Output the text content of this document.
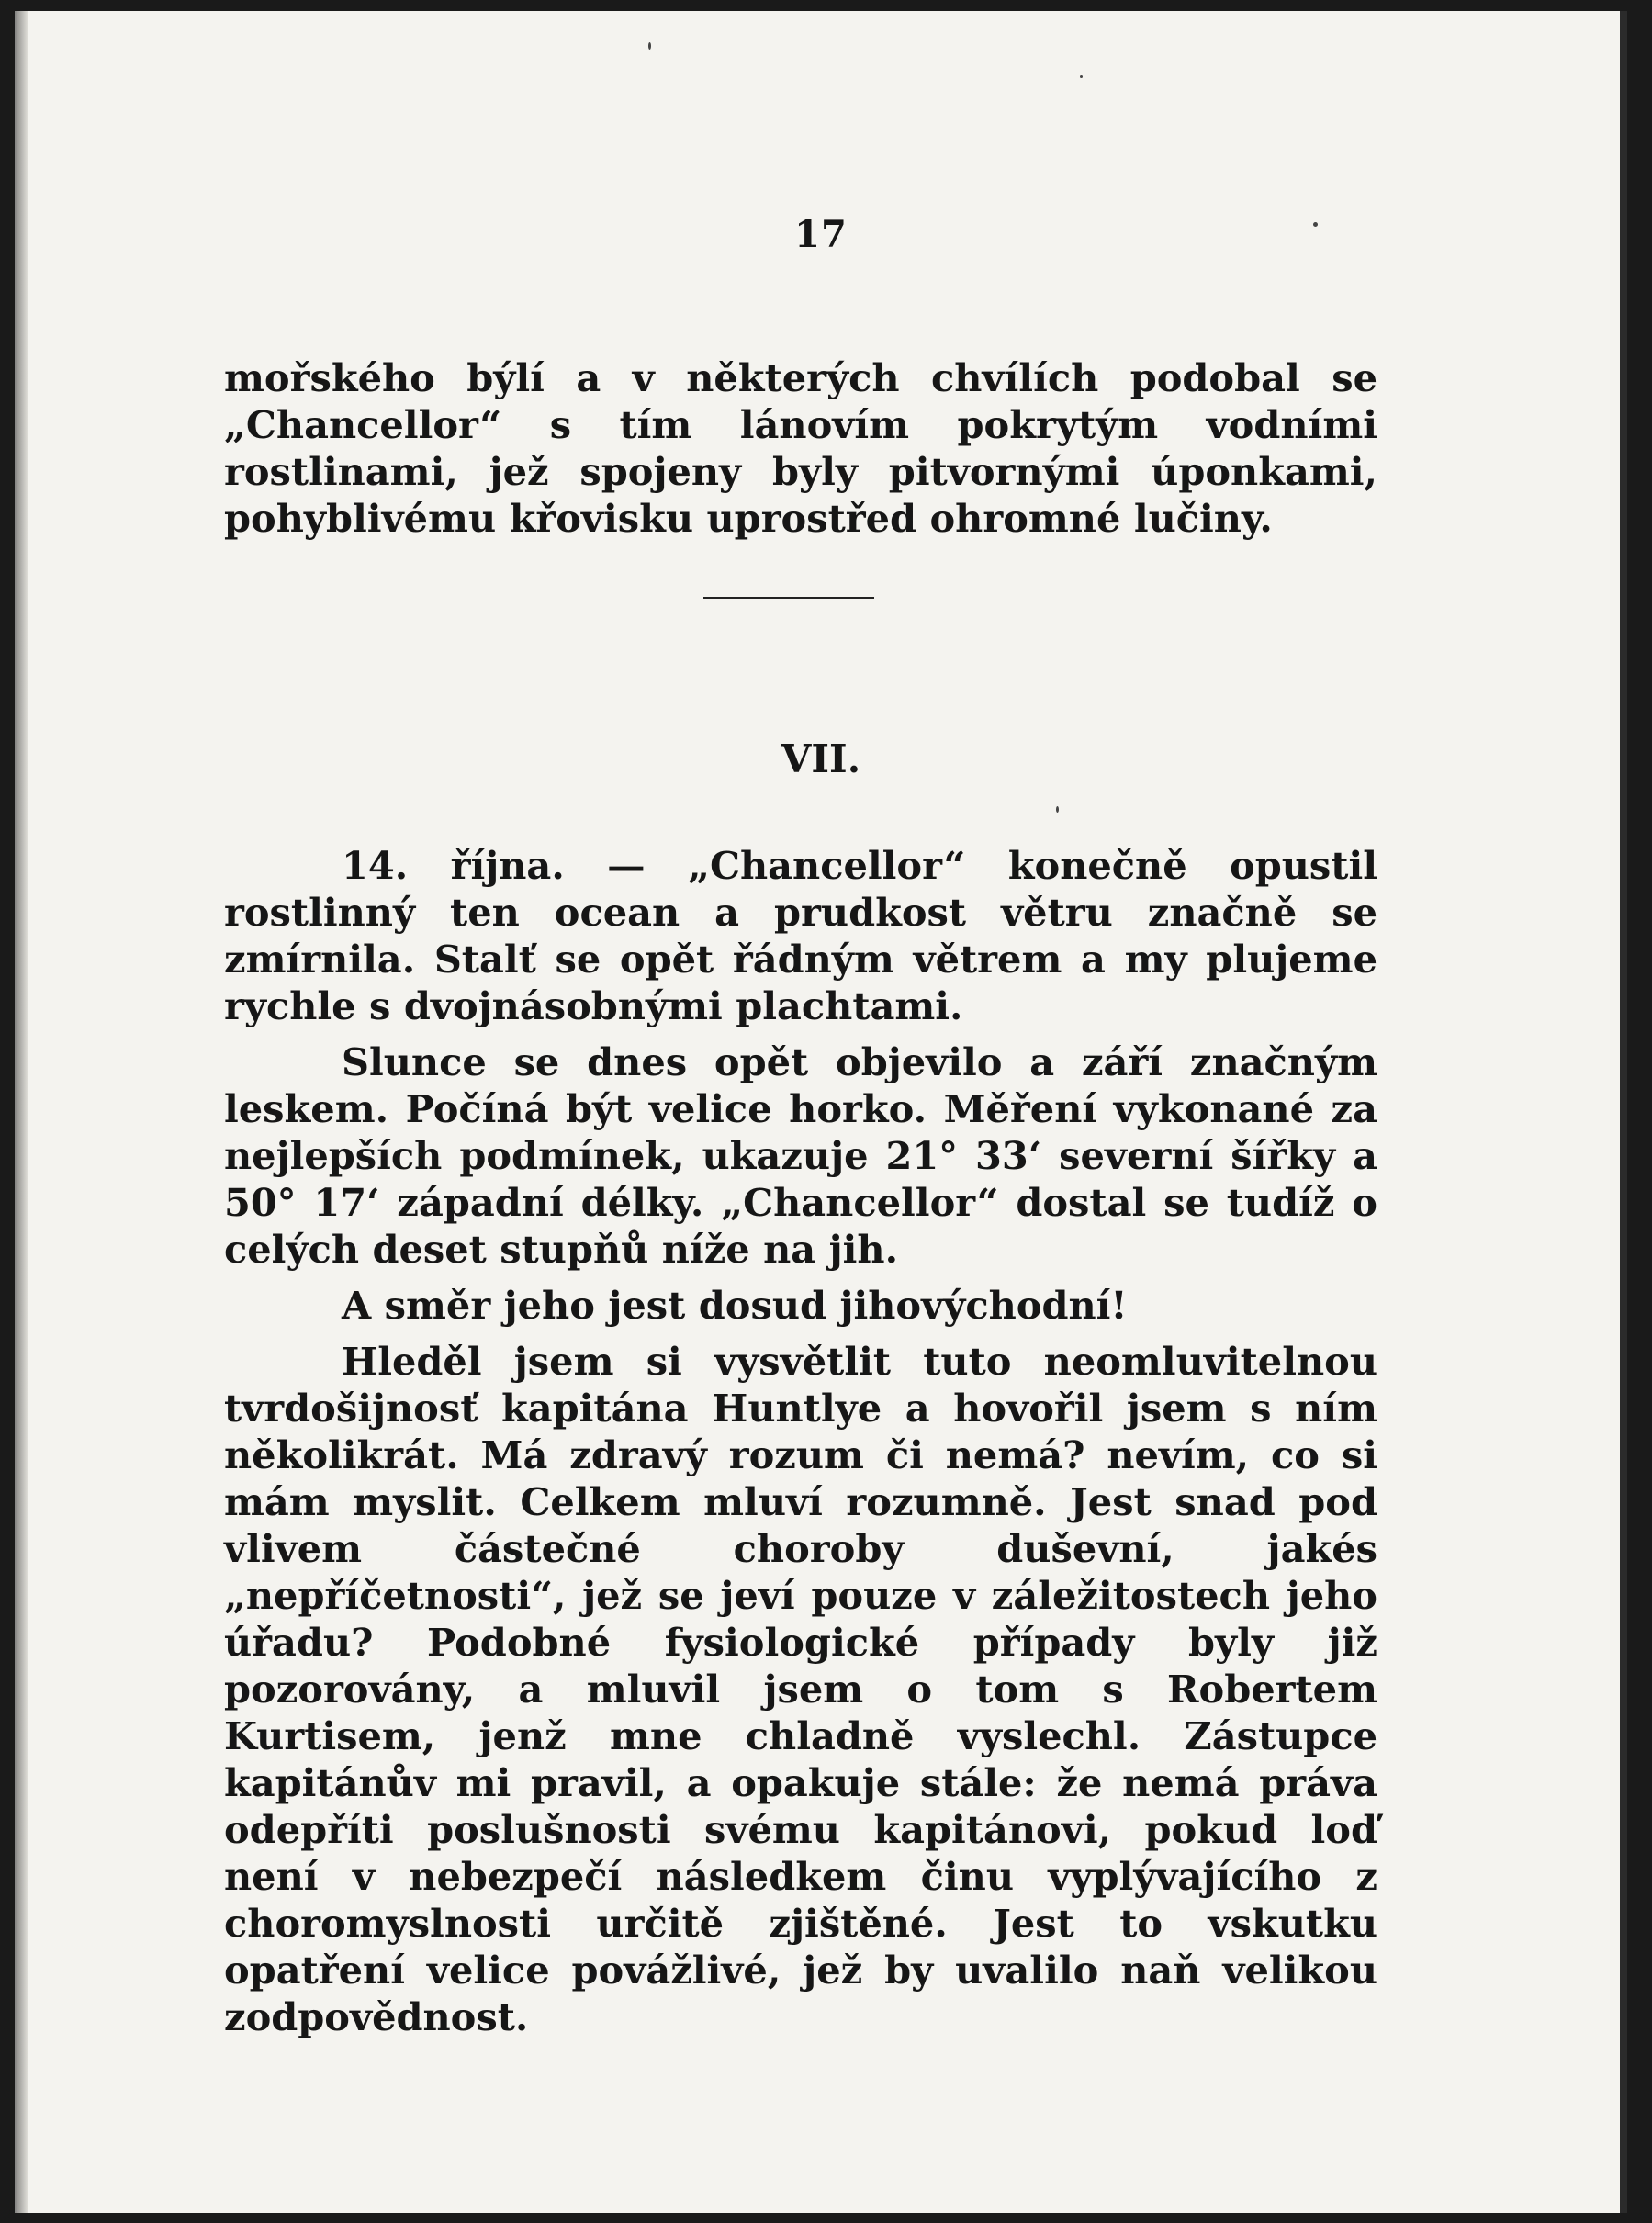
17

mořského býlí a v některých chvílích podobal se „Chancellor“ s tím lánovím pokrytým vodními rostlinami, jež spojeny byly pitvornými úponkami, pohyblivému křovisku uprostřed ohromné lučiny.

VII.

14. října. — „Chancellor“ konečně opustil rostlinný ten ocean a prudkost větru značně se zmírnila. Stalť se opět řádným větrem a my plujeme rychle s dvojnásobnými plachtami.

Slunce se dnes opět objevilo a září značným leskem. Počíná být velice horko. Měření vykonané za nejlepších podmínek, ukazuje 21° 33‘ severní šířky a 50° 17‘ západní délky. „Chancellor“ dostal se tudíž o celých deset stupňů níže na jih.

A směr jeho jest dosud jihovýchodní!

Hleděl jsem si vysvětlit tuto neomluvitelnou tvrdošijnosť kapitána Huntlye a hovořil jsem s ním několikrát. Má zdravý rozum či nemá? nevím, co si mám myslit. Celkem mluví rozumně. Jest snad pod vlivem částečné choroby duševní, jakés „nepříčetnosti“, jež se jeví pouze v záležitostech jeho úřadu? Podobné fysiologické případy byly již pozorovány, a mluvil jsem o tom s Robertem Kurtisem, jenž mne chladně vyslechl. Zástupce kapitánův mi pravil, a opakuje stále: že nemá práva odepříti poslušnosti svému kapitánovi, pokud loď není v nebezpečí následkem činu vyplývajícího z choromyslnosti určitě zjištěné. Jest to vskutku opatření velice povážlivé, jež by uvalilo naň velikou zodpovědnost.
